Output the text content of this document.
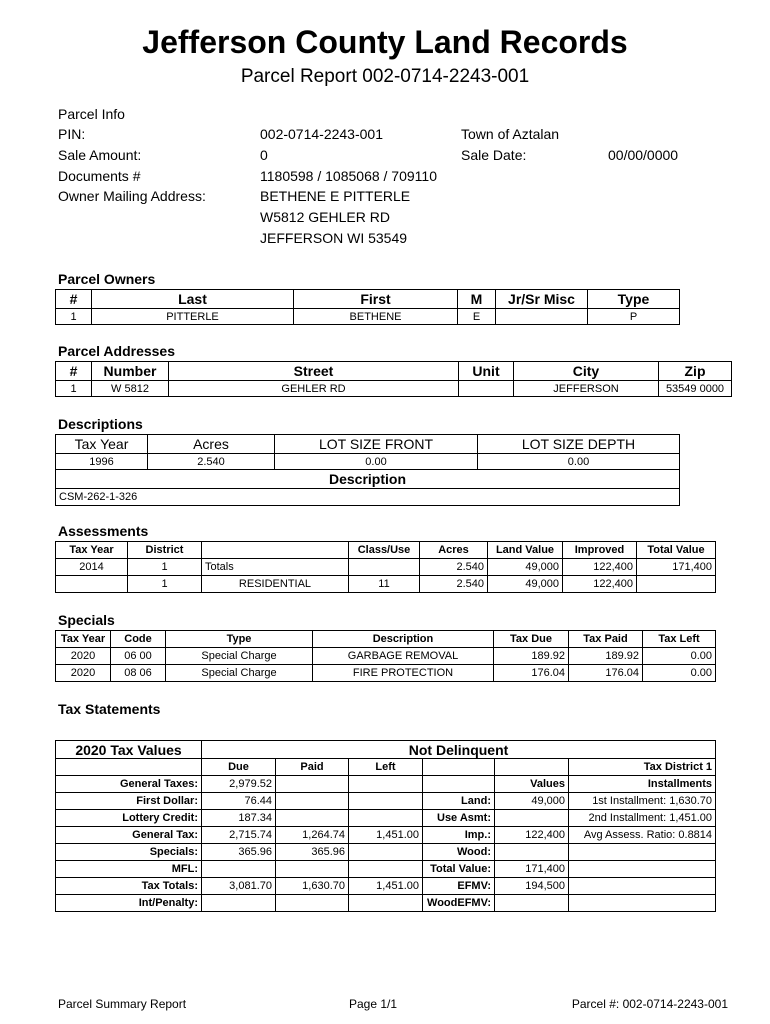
Jefferson County Land Records
Parcel Report 002-0714-2243-001
Parcel Info
PIN:	002-0714-2243-001	Town of Aztalan
Sale Amount:	0	Sale Date:	00/00/0000
Documents #	1180598 / 1085068 / 709110
Owner Mailing Address:	BETHENE E PITTERLE
W5812 GEHLER RD
JEFFERSON WI 53549
Parcel Owners
#	Last	First	M	Jr/Sr Misc	Type
1	PITTERLE	BETHENE	E		P
Parcel Addresses
#	Number	Street	Unit	City	Zip
1	W 5812	GEHLER RD		JEFFERSON	53549 0000
Descriptions
Tax Year	Acres	LOT SIZE FRONT	LOT SIZE DEPTH
1996	2.540	0.00	0.00
Description			
CSM-262-1-326			
Assessments
Tax Year	District		Class/Use	Acres	Land Value	Improved	Total Value
2014	1	Totals		2.540	49,000	122,400	171,400
	1	RESIDENTIAL	11	2.540	49,000	122,400	
Specials
Tax Year	Code	Type	Description	Tax Due	Tax Paid	Tax Left
2020	06 00	Special Charge	GARBAGE REMOVAL	189.92	189.92	0.00
2020	08 06	Special Charge	FIRE PROTECTION	176.04	176.04	0.00
Tax Statements
2020 Tax Values	Not Delinquent					
	Due	Paid	Left			Tax District 1
General Taxes:	2,979.52				Values	Installments
First Dollar:	76.44			Land:	49,000	1st Installment: 1,630.70
Lottery Credit:	187.34			Use Asmt:		2nd Installment: 1,451.00
General Tax:	2,715.74	1,264.74	1,451.00	Imp.:	122,400	Avg Assess. Ratio: 0.8814
Specials:	365.96	365.96		Wood:		
MFL:				Total Value:	171,400	
Tax Totals:	3,081.70	1,630.70	1,451.00	EFMV:	194,500	
Int/Penalty:				WoodEFMV:		
Parcel Summary Report	Page 1/1	Parcel #: 002-0714-2243-001
